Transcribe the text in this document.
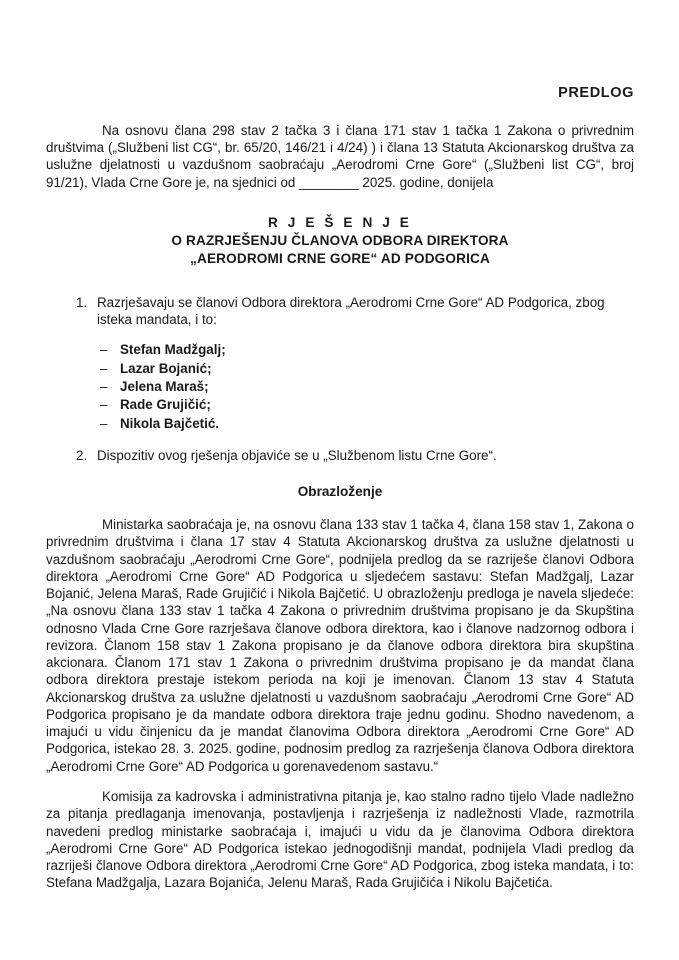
PREDLOG

Na osnovu člana 298 stav 2 tačka 3 i člana 171 stav 1 tačka 1 Zakona o privrednim društvima („Službeni list CG“, br. 65/20, 146/21 i 4/24) ) i člana 13 Statuta Akcionarskog društva za uslužne djelatnosti u vazdušnom saobraćaju „Aerodromi Crne Gore“ („Službeni list CG“, broj 91/21), Vlada Crne Gore je, na sjednici od ________ 2025. godine, donijela

R J E Š E N J E
O RAZRJEŠENJU ČLANOVA ODBORA DIREKTORA
„AERODROMI CRNE GORE“ AD PODGORICA
1. Razrješavaju se članovi Odbora direktora „Aerodromi Crne Gore“ AD Podgorica, zbog isteka mandata, i to:
– Stefan Madžgalj;
– Lazar Bojanić;
– Jelena Maraš;
– Rade Grujičić;
– Nikola Bajčetić.
2. Dispozitiv ovog rješenja objaviće se u „Službenom listu Crne Gore“.
Obrazloženje

Ministarka saobraćaja je, na osnovu člana 133 stav 1 tačka 4, člana 158 stav 1, Zakona o privrednim društvima i člana 17 stav 4 Statuta Akcionarskog društva za uslužne djelatnosti u vazdušnom saobraćaju „Aerodromi Crne Gore“, podnijela predlog da se razriješe članovi Odbora direktora „Aerodromi Crne Gore“ AD Podgorica u sljedećem sastavu: Stefan Madžgalj, Lazar Bojanić, Jelena Maraš, Rade Grujičić i Nikola Bajčetić. U obrazloženju predloga je navela sljedeće: „Na osnovu člana 133 stav 1 tačka 4 Zakona o privrednim društvima propisano je da Skupština odnosno Vlada Crne Gore razrješava članove odbora direktora, kao i članove nadzornog odbora i revizora. Članom 158 stav 1 Zakona propisano je da članove odbora direktora bira skupština akcionara. Članom 171 stav 1 Zakona o privrednim društvima propisano je da mandat člana odbora direktora prestaje istekom perioda na koji je imenovan. Članom 13 stav 4 Statuta Akcionarskog društva za uslužne djelatnosti u vazdušnom saobraćaju „Aerodromi Crne Gore“ AD Podgorica propisano je da mandate odbora direktora traje jednu godinu. Shodno navedenom, a imajući u vidu činjenicu da je mandat članovima Odbora direktora „Aerodromi Crne Gore“ AD Podgorica, istekao 28. 3. 2025. godine, podnosim predlog za razrješenja članova Odbora direktora „Aerodromi Crne Gore“ AD Podgorica u gorenavedenom sastavu.“

Komisija za kadrovska i administrativna pitanja je, kao stalno radno tijelo Vlade nadležno za pitanja predlaganja imenovanja, postavljenja i razrješenja iz nadležnosti Vlade, razmotrila navedeni predlog ministarke saobraćaja i, imajući u vidu da je članovima Odbora direktora „Aerodromi Crne Gore“ AD Podgorica istekao jednogodišnji mandat, podnijela Vladi predlog da razriješi članove Odbora direktora „Aerodromi Crne Gore“ AD Podgorica, zbog isteka mandata, i to: Stefana Madžgalja, Lazara Bojanića, Jelenu Maraš, Rada Grujičića i Nikolu Bajčetića.
